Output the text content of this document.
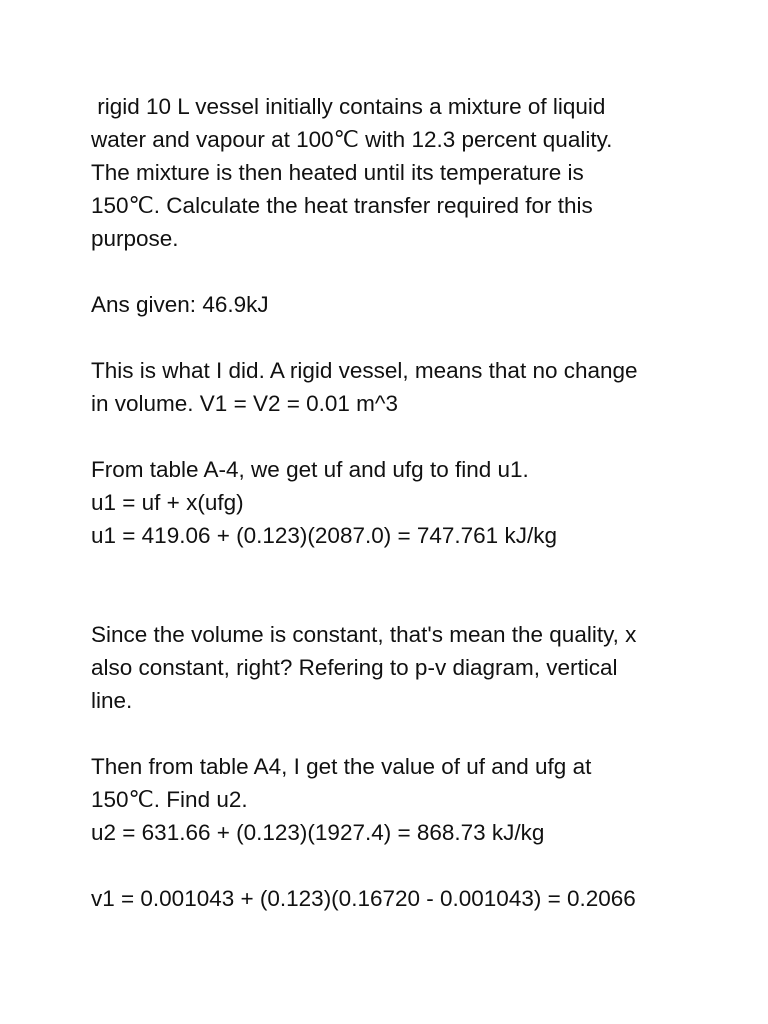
rigid 10 L vessel initially contains a mixture of liquid
water and vapour at 100℃ with 12.3 percent quality.
The mixture is then heated until its temperature is
150℃. Calculate the heat transfer required for this
purpose.
Ans given: 46.9kJ
This is what I did. A rigid vessel, means that no change
in volume. V1 = V2 = 0.01 m^3
From table A-4, we get uf and ufg to find u1.
u1 = uf + x(ufg)
u1 = 419.06 + (0.123)(2087.0) = 747.761 kJ/kg
Since the volume is constant, that's mean the quality, x
also constant, right? Refering to p-v diagram, vertical
line.
Then from table A4, I get the value of uf and ufg at
150℃. Find u2.
u2 = 631.66 + (0.123)(1927.4) = 868.73 kJ/kg
v1 = 0.001043 + (0.123)(0.16720 - 0.001043) = 0.2066
